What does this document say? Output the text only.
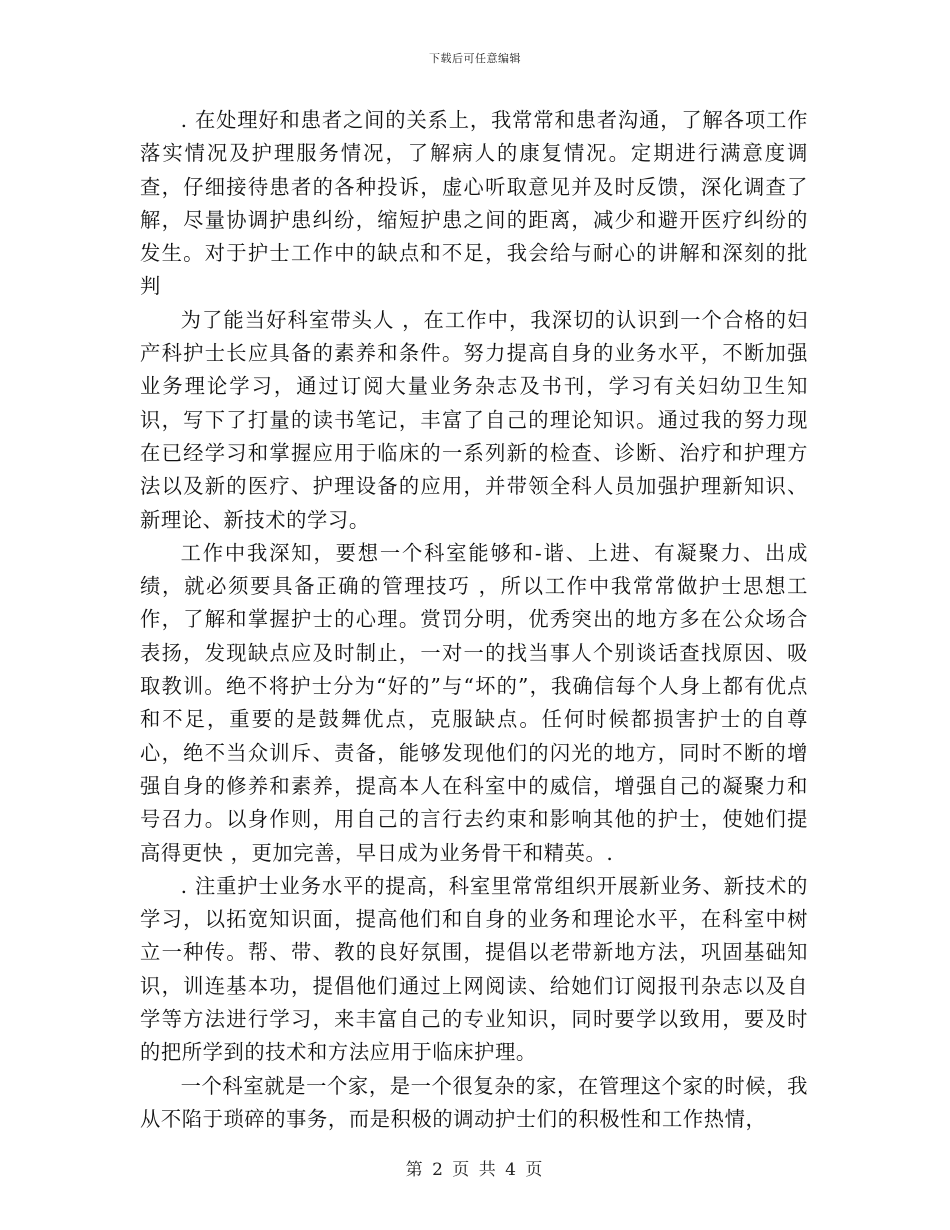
下载后可任意编辑

. 在处理好和患者之间的关系上，我常常和患者沟通，了解各项工作落实情况及护理服务情况，了解病人的康复情况。定期进行满意度调查，仔细接待患者的各种投诉，虚心听取意见并及时反馈，深化调查了解，尽量协调护患纠纷，缩短护患之间的距离，减少和避开医疗纠纷的发生。对于护士工作中的缺点和不足，我会给与耐心的讲解和深刻的批判

为了能当好科室带头人 ，在工作中，我深切的认识到一个合格的妇产科护士长应具备的素养和条件。努力提高自身的业务水平，不断加强业务理论学习，通过订阅大量业务杂志及书刊，学习有关妇幼卫生知识，写下了打量的读书笔记，丰富了自己的理论知识。通过我的努力现在已经学习和掌握应用于临床的一系列新的检查、诊断、治疗和护理方法以及新的医疗、护理设备的应用，并带领全科人员加强护理新知识、新理论、新技术的学习。

工作中我深知，要想一个科室能够和-谐、上进、有凝聚力、出成绩，就必须要具备正确的管理技巧 ，所以工作中我常常做护士思想工作，了解和掌握护士的心理。赏罚分明，优秀突出的地方多在公众场合表扬，发现缺点应及时制止，一对一的找当事人个别谈话查找原因、吸取教训。绝不将护士分为“好的”与“坏的”，我确信每个人身上都有优点和不足，重要的是鼓舞优点，克服缺点。任何时候都损害护士的自尊心，绝不当众训斥、责备，能够发现他们的闪光的地方，同时不断的增强自身的修养和素养，提高本人在科室中的威信，增强自己的凝聚力和号召力。以身作则，用自己的言行去约束和影响其他的护士，使她们提高得更快 ，更加完善，早日成为业务骨干和精英。.

. 注重护士业务水平的提高，科室里常常组织开展新业务、新技术的学习，以拓宽知识面，提高他们和自身的业务和理论水平，在科室中树立一种传。帮、带、教的良好氛围，提倡以老带新地方法，巩固基础知识，训连基本功，提倡他们通过上网阅读、给她们订阅报刊杂志以及自学等方法进行学习，来丰富自己的专业知识，同时要学以致用，要及时的把所学到的技术和方法应用于临床护理。

一个科室就是一个家，是一个很复杂的家，在管理这个家的时候，我从不陷于琐碎的事务，而是积极的调动护士们的积极性和工作热情，

第 2 页 共 4 页
